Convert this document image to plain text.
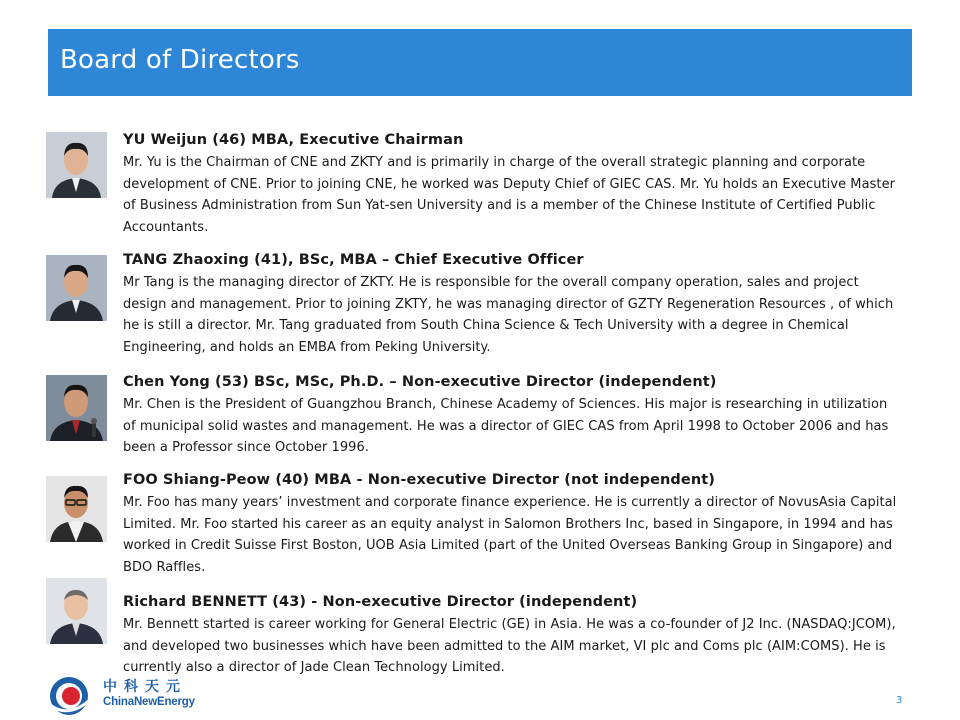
Board of Directors
YU Weijun (46) MBA, Executive Chairman
Mr. Yu is the Chairman of CNE and ZKTY and is primarily in charge of the overall strategic planning and corporate development of CNE. Prior to joining CNE, he worked was Deputy Chief of GIEC CAS. Mr. Yu holds an Executive Master of Business Administration from Sun Yat-sen University and is a member of the Chinese Institute of Certified Public Accountants.
TANG Zhaoxing (41), BSc, MBA – Chief Executive Officer
Mr Tang is the managing director of ZKTY. He is responsible for the overall company operation, sales and project design and management. Prior to joining ZKTY, he was managing director of GZTY Regeneration Resources , of which he is still a director. Mr. Tang graduated from South China Science & Tech University with a degree in Chemical Engineering, and holds an EMBA from Peking University.
Chen Yong (53) BSc, MSc, Ph.D. – Non-executive Director (independent)
Mr. Chen is the President of Guangzhou Branch, Chinese Academy of Sciences. His major is researching in utilization of municipal solid wastes and management. He was a director of GIEC CAS from April 1998 to October 2006 and has been a Professor since October 1996.
FOO Shiang-Peow (40) MBA - Non-executive Director (not independent)
Mr. Foo has many years’ investment and corporate finance experience. He is currently a director of NovusAsia Capital Limited. Mr. Foo started his career as an equity analyst in Salomon Brothers Inc, based in Singapore, in 1994 and has worked in Credit Suisse First Boston, UOB Asia Limited (part of the United Overseas Banking Group in Singapore) and BDO Raffles.
Richard BENNETT (43) - Non-executive Director (independent)
Mr. Bennett started is career working for General Electric (GE) in Asia. He was a co-founder of J2 Inc. (NASDAQ:JCOM), and developed two businesses which have been admitted to the AIM market, VI plc and Coms plc (AIM:COMS). He is currently also a director of Jade Clean Technology Limited.
中科天元
ChinaNewEnergy	3
